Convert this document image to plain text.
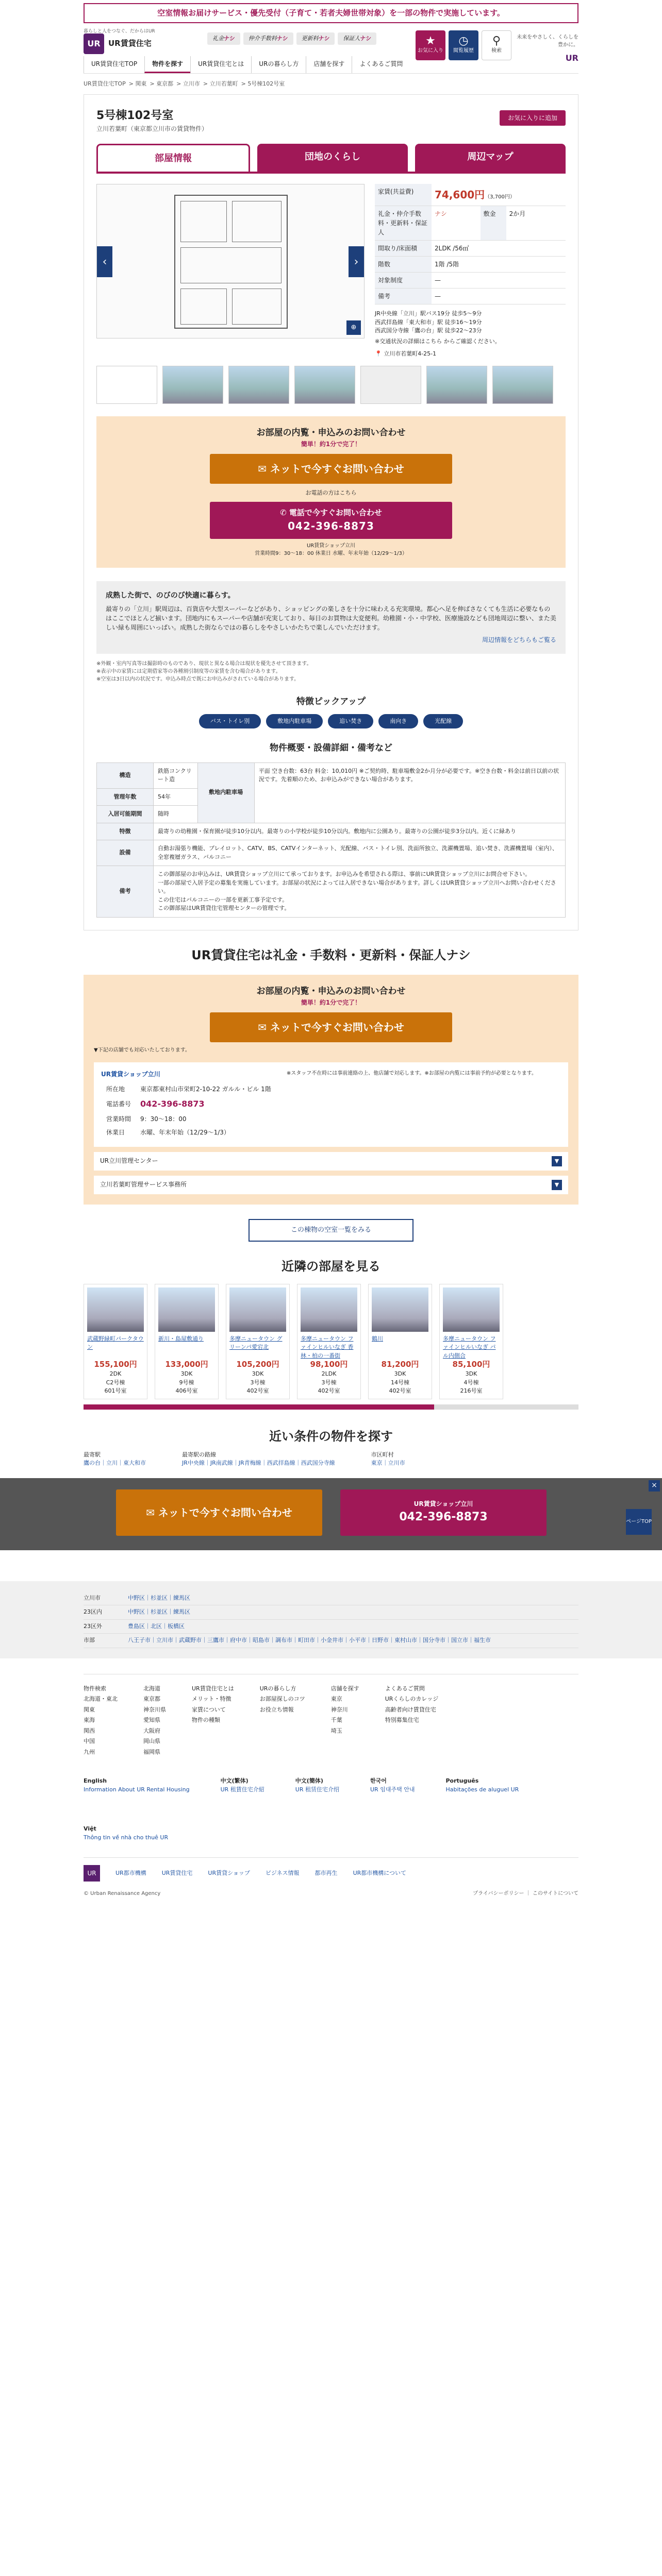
空室情報お届けサービス・優先受付（子育て・若者夫婦世帯対象）を一部の物件で実施しています。
暮らしと人をつなぐ、だからはUR
UR	UR賃貸住宅
礼金ナシ	仲介手数料ナシ	更新料ナシ	保証人ナシ
UR賃貸住宅TOP	物件を探す	UR賃貸住宅とは	URの暮らし方	店舗を探す	よくあるご質問
★
お気に入り
◷
閲覧履歴
⚲
検索
未来をやさしく、くらしを豊かに。
UR
UR賃貸住宅TOP > 関東 > 東京都 > 立川市 > 立川若葉町 > 5号棟102号室
5号棟102号室
立川若葉町（東京都立川市の賃貸物件）
お気に入りに追加
部屋情報	団地のくらし	周辺マップ
‹	›
⊕
家賃(共益費)	74,600円（3,700円）		
礼金・仲介手数料・更新料・保証人	ナシ	敷金	2か月
間取り/床面積	2LDK /56㎡		
階数	1階 /5階		
対象制度	—		
備考	—		
JR中央線「立川」駅バス19分 徒歩5〜9分
西武拝島線「東大和市」駅 徒歩16〜19分
西武国分寺線「鷹の台」駅 徒歩22〜23分
※交通状況の詳細はこちら からご確認ください。
📍 立川市若葉町4-25-1
お部屋の内覧・申込みのお問い合わせ
簡単！約1分で完了！
✉ ネットで今すぐお問い合わせ
お電話の方はこちら
✆ 電話で今すぐお問い合わせ
042-396-8873
UR賃貸ショップ立川
営業時間9：30〜18：00 休業日 水曜、年末年始（12/29〜1/3）
成熟した街で、のびのび快適に暮らす。

最寄りの「立川」駅周辺は、百貨店や大型スーパーなどがあり、ショッピングの楽しさを十分に味わえる充実環境。都心へ足を伸ばさなくても生活に必要なものはここでほとんど揃います。団地内にもスーパーや店舗が充実しており、毎日のお買物は大変便利。幼稚園・小・中学校、医療施設なども団地周辺に整い、また美しい緑も周囲にいっぱい。成熟した街ならではの暮らしをやさしいかたちで楽しんでいただけます。

周辺情報をどちらもご覧る
※外観・室内写真等は撮影時のものであり、現状と異なる場合は現状を優先させて頂きます。
※表示中の家賃には定期借家等の各種割引制度等の家賃を含む場合があります。
※空室は3日以内の状況です。申込み時点で既にお申込みがされている場合があります。
特徴ピックアップ
バス・トイレ別	敷地内駐車場	追い焚き	南向き	光配線
物件概要・設備詳細・備考など
構造	鉄筋コンクリート造	敷地内駐車場	平面 空き台数：63台 料金：10,010円 ※ご契約時、駐車場敷金2か月分が必要です。※空き台数・料金は前日以前の状況です。先着順のため、お申込みができない場合があります。
管理年数	54年		
入居可能期間	随時		
特徴	最寄りの幼稚園・保育園が徒歩10分以内。最寄りの小学校が徒歩10分以内。敷地内に公園あり。最寄りの公園が徒歩3分以内。近くに緑あり		
設備	自動お湯張り機能、プレイロット、CATV、BS、CATVインターネット、光配線、バス・トイレ別、洗面所独立、洗濯機置場、追い焚き、洗濯機置場（室内）、全窓複層ガラス、バルコニー		
備考	この御部屋のお申込みは、UR賃貸ショップ立川にて承っております。お申込みを希望される際は、事前にUR賃貸ショップ立川にお問合せ下さい。
一部の部屋で入居予定の募集を実施しています。お部屋の状況によっては入居できない場合があります。詳しくはUR賃貸ショップ立川へお問い合わせください。
この住宅はバルコニーの一部を更新工事予定です。
この御部屋はUR賃貸住宅管理センターの管理です。		
UR賃貸住宅は礼金・手数料・更新料・保証人ナシ
お部屋の内覧・申込みのお問い合わせ
簡単！約1分で完了！
✉ ネットで今すぐお問い合わせ
▼下記の店舗でも対応いたしております。
UR賃貸ショップ立川
所在地	東京都東村山市栄町2-10-22 ガルル・ビル 1階
電話番号	042-396-8873
営業時間	9：30〜18：00
休業日	水曜、年末年始（12/29〜1/3）
※スタッフ不在時には事前連絡の上、他店舗で対応します。※お部屋の内覧には事前予約が必要となります。
UR立川管理センター	▼
立川若葉町管理サービス事務所	▼
この棟物の空室一覧をみる
近隣の部屋を見る
武蔵野緑町パークタウン
155,100円
2DK
C2号棟
601号室
新川・島屋敷通り
133,000円
3DK
9号棟
406号室
多摩ニュータウン グリーンパ愛宕北
105,200円
3DK
3号棟
402号室
多摩ニュータウン ファインヒルいなぎ 香林・柏の一番街
98,100円
2LDK
3号棟
402号室
鶴川
81,200円
3DK
14号棟
402号室
多摩ニュータウン ファインヒルいなぎ パル内側合
85,100円
3DK
4号棟
216号室
近い条件の物件を探す
最寄駅
鷹の台｜立川｜東大和市
最寄駅の路線
JR中央線｜JR南武線｜JR青梅線｜西武拝島線｜西武国分寺線
市区町村
東京｜立川市
✉ ネットで今すぐお問い合わせ
UR賃貸ショップ立川
042-396-8873
×
ページTOP
立川市	中野区｜杉並区｜練馬区
23区内	中野区｜杉並区｜練馬区
23区外	豊島区｜北区｜板橋区
市部	八王子市｜立川市｜武蔵野市｜三鷹市｜府中市｜昭島市｜調布市｜町田市｜小金井市｜小平市｜日野市｜東村山市｜国分寺市｜国立市｜福生市
物件検索
北海道・東北
関東
東海
関西
中国
九州
北海道
東京都
神奈川県
愛知県
大阪府
岡山県
福岡県
UR賃貸住宅とは
メリット・特徴
家賃について
物件の種類
URの暮らし方
お部屋探しのコツ
お役立ち情報
店舗を探す
東京
神奈川
千葉
埼玉
よくあるご質問
URくらしのカレッジ
高齢者向け賃貸住宅
特別募集住宅
English
Information About UR Rental Housing
中文(繁体)
UR 租賃住宅介紹
中文(簡体)
UR 租赁住宅介绍
한국어
UR 임대주택 안내
Português
Habitações de aluguel UR
Việt
Thông tin về nhà cho thuê UR
UR	UR都市機構	UR賃貸住宅	UR賃貸ショップ	ビジネス情報	都市再生	UR都市機構について
© Urban Renaissance Agency	プライバシーポリシー ｜ このサイトについて
